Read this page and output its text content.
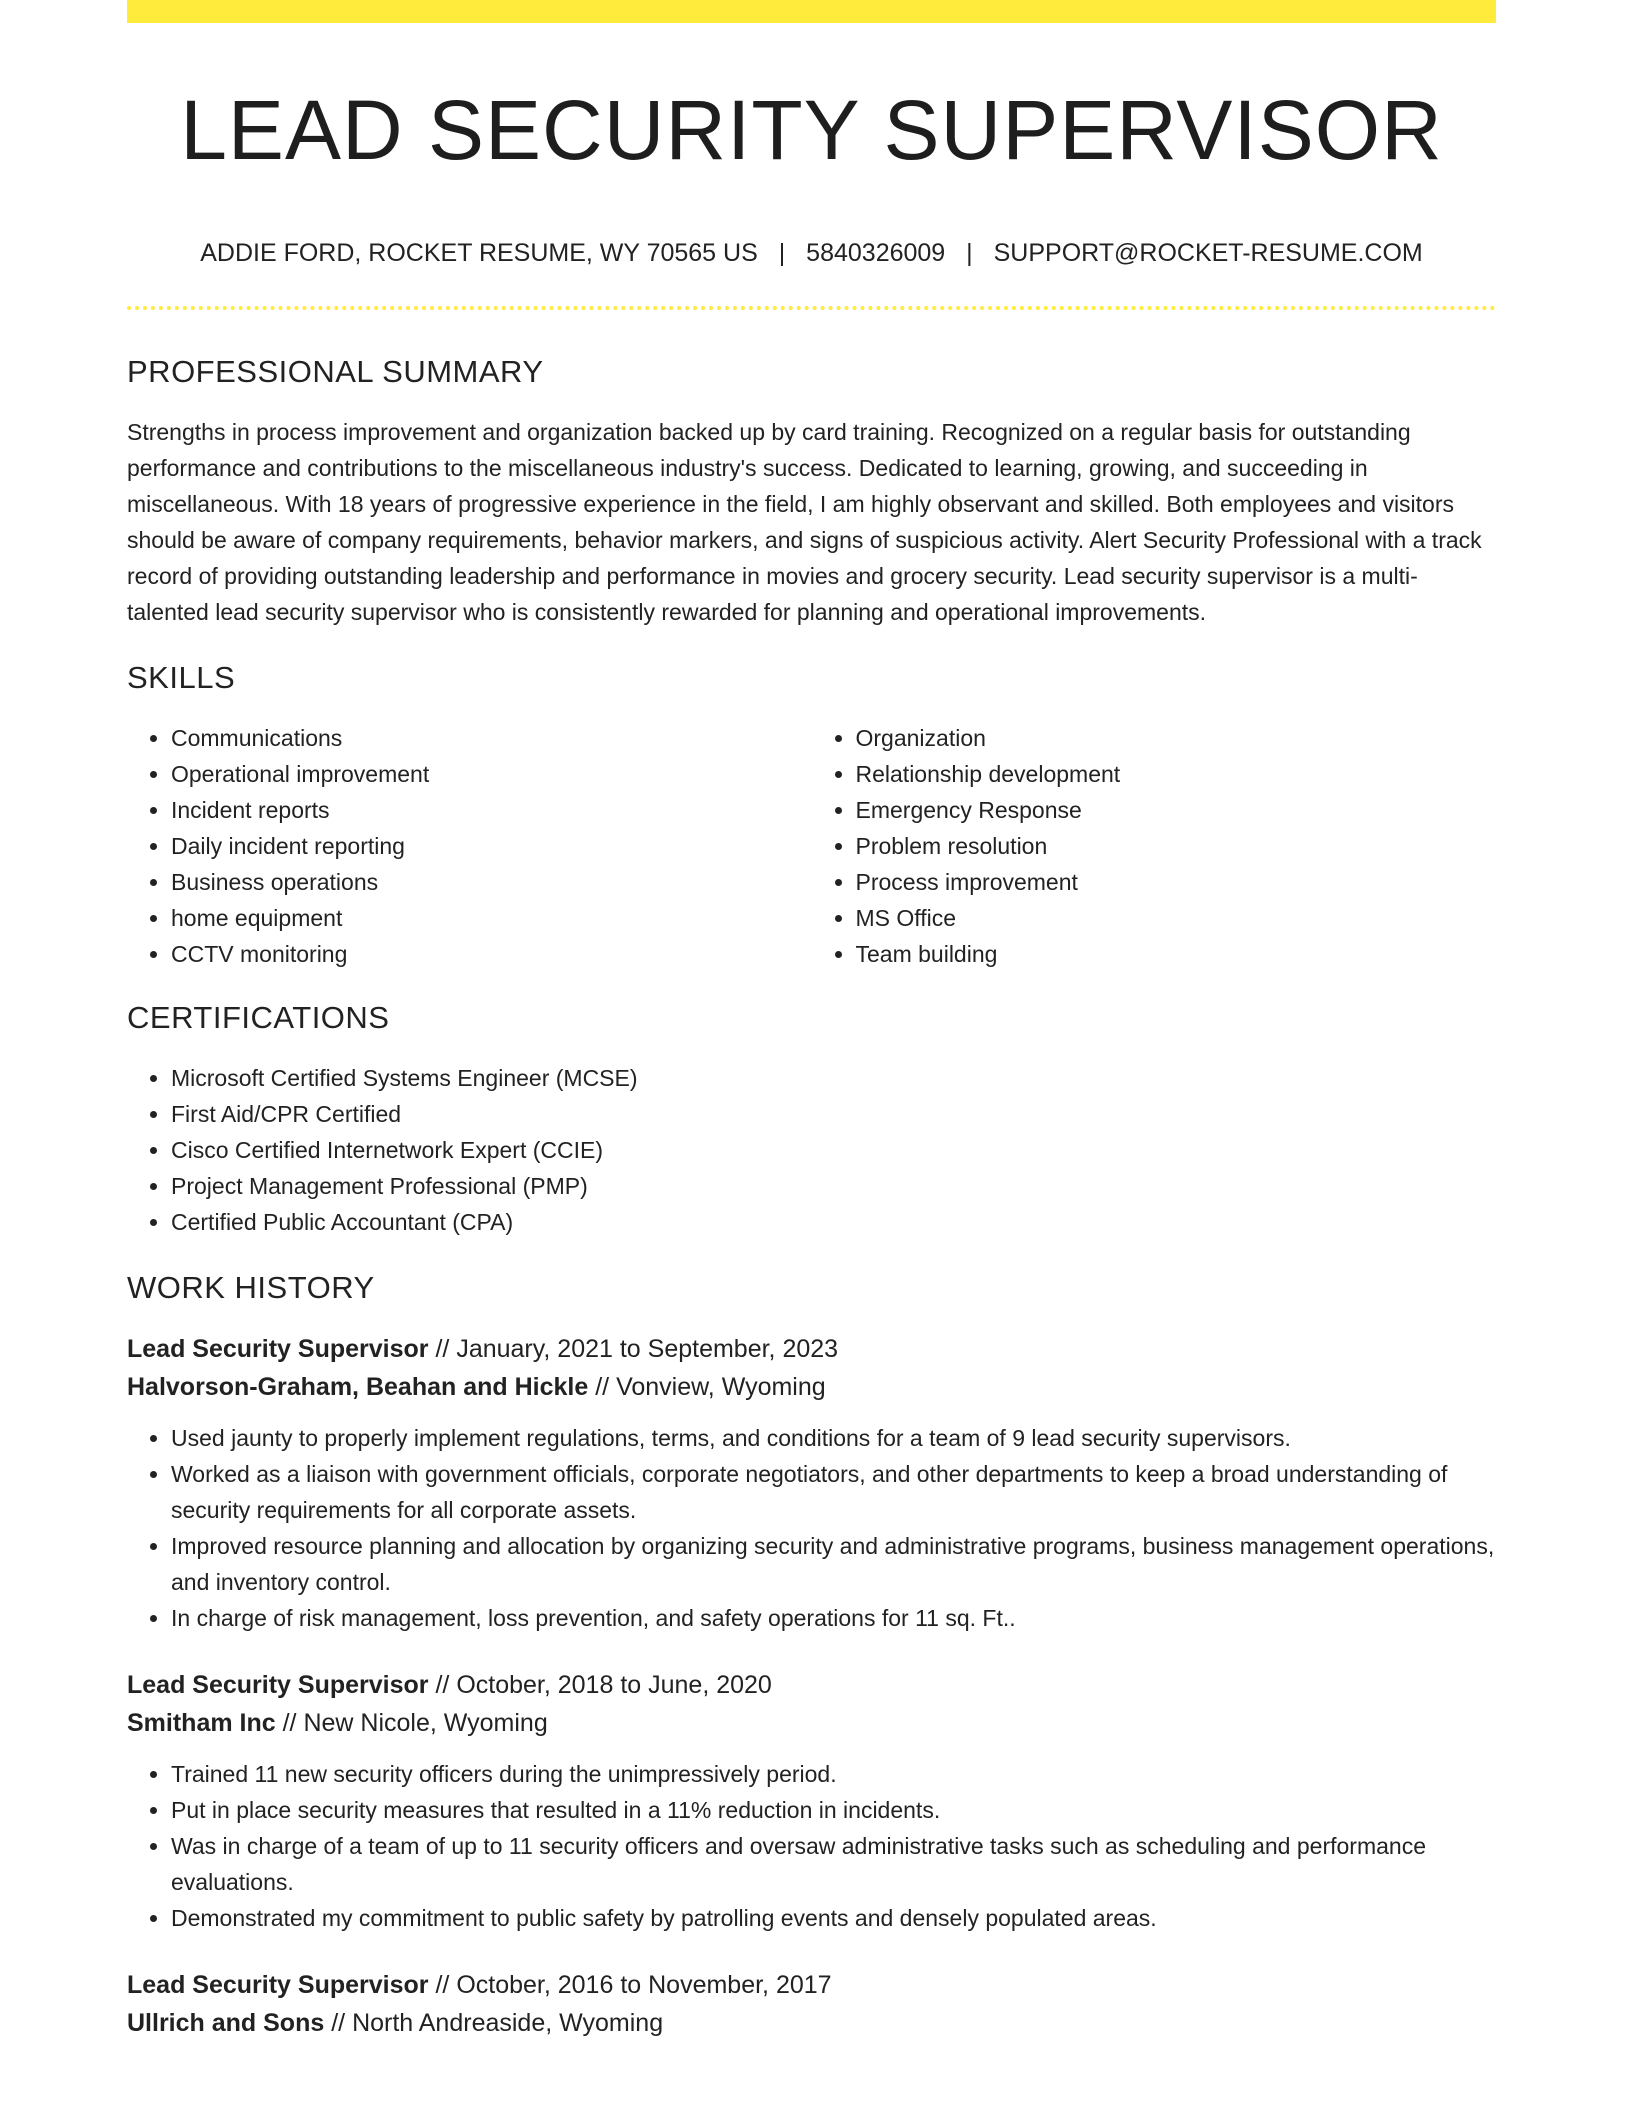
LEAD SECURITY SUPERVISOR
ADDIE FORD, ROCKET RESUME, WY 70565 US | 5840326009 | SUPPORT@ROCKET-RESUME.COM
PROFESSIONAL SUMMARY

Strengths in process improvement and organization backed up by card training. Recognized on a regular basis for outstanding performance and contributions to the miscellaneous industry's success. Dedicated to learning, growing, and succeeding in miscellaneous. With 18 years of progressive experience in the field, I am highly observant and skilled. Both employees and visitors should be aware of company requirements, behavior markers, and signs of suspicious activity. Alert Security Professional with a track record of providing outstanding leadership and performance in movies and grocery security. Lead security supervisor is a multi-talented lead security supervisor who is consistently rewarded for planning and operational improvements.

SKILLS
• Communications
• Operational improvement
• Incident reports
• Daily incident reporting
• Business operations
• home equipment
• CCTV monitoring
• Organization
• Relationship development
• Emergency Response
• Problem resolution
• Process improvement
• MS Office
• Team building
CERTIFICATIONS
• Microsoft Certified Systems Engineer (MCSE)
• First Aid/CPR Certified
• Cisco Certified Internetwork Expert (CCIE)
• Project Management Professional (PMP)
• Certified Public Accountant (CPA)
WORK HISTORY
Lead Security Supervisor // January, 2021 to September, 2023
Halvorson-Graham, Beahan and Hickle // Vonview, Wyoming
• Used jaunty to properly implement regulations, terms, and conditions for a team of 9 lead security supervisors.
• Worked as a liaison with government officials, corporate negotiators, and other departments to keep a broad understanding of security requirements for all corporate assets.
• Improved resource planning and allocation by organizing security and administrative programs, business management operations, and inventory control.
• In charge of risk management, loss prevention, and safety operations for 11 sq. Ft..
Lead Security Supervisor // October, 2018 to June, 2020
Smitham Inc // New Nicole, Wyoming
• Trained 11 new security officers during the unimpressively period.
• Put in place security measures that resulted in a 11% reduction in incidents.
• Was in charge of a team of up to 11 security officers and oversaw administrative tasks such as scheduling and performance evaluations.
• Demonstrated my commitment to public safety by patrolling events and densely populated areas.
Lead Security Supervisor // October, 2016 to November, 2017
Ullrich and Sons // North Andreaside, Wyoming
